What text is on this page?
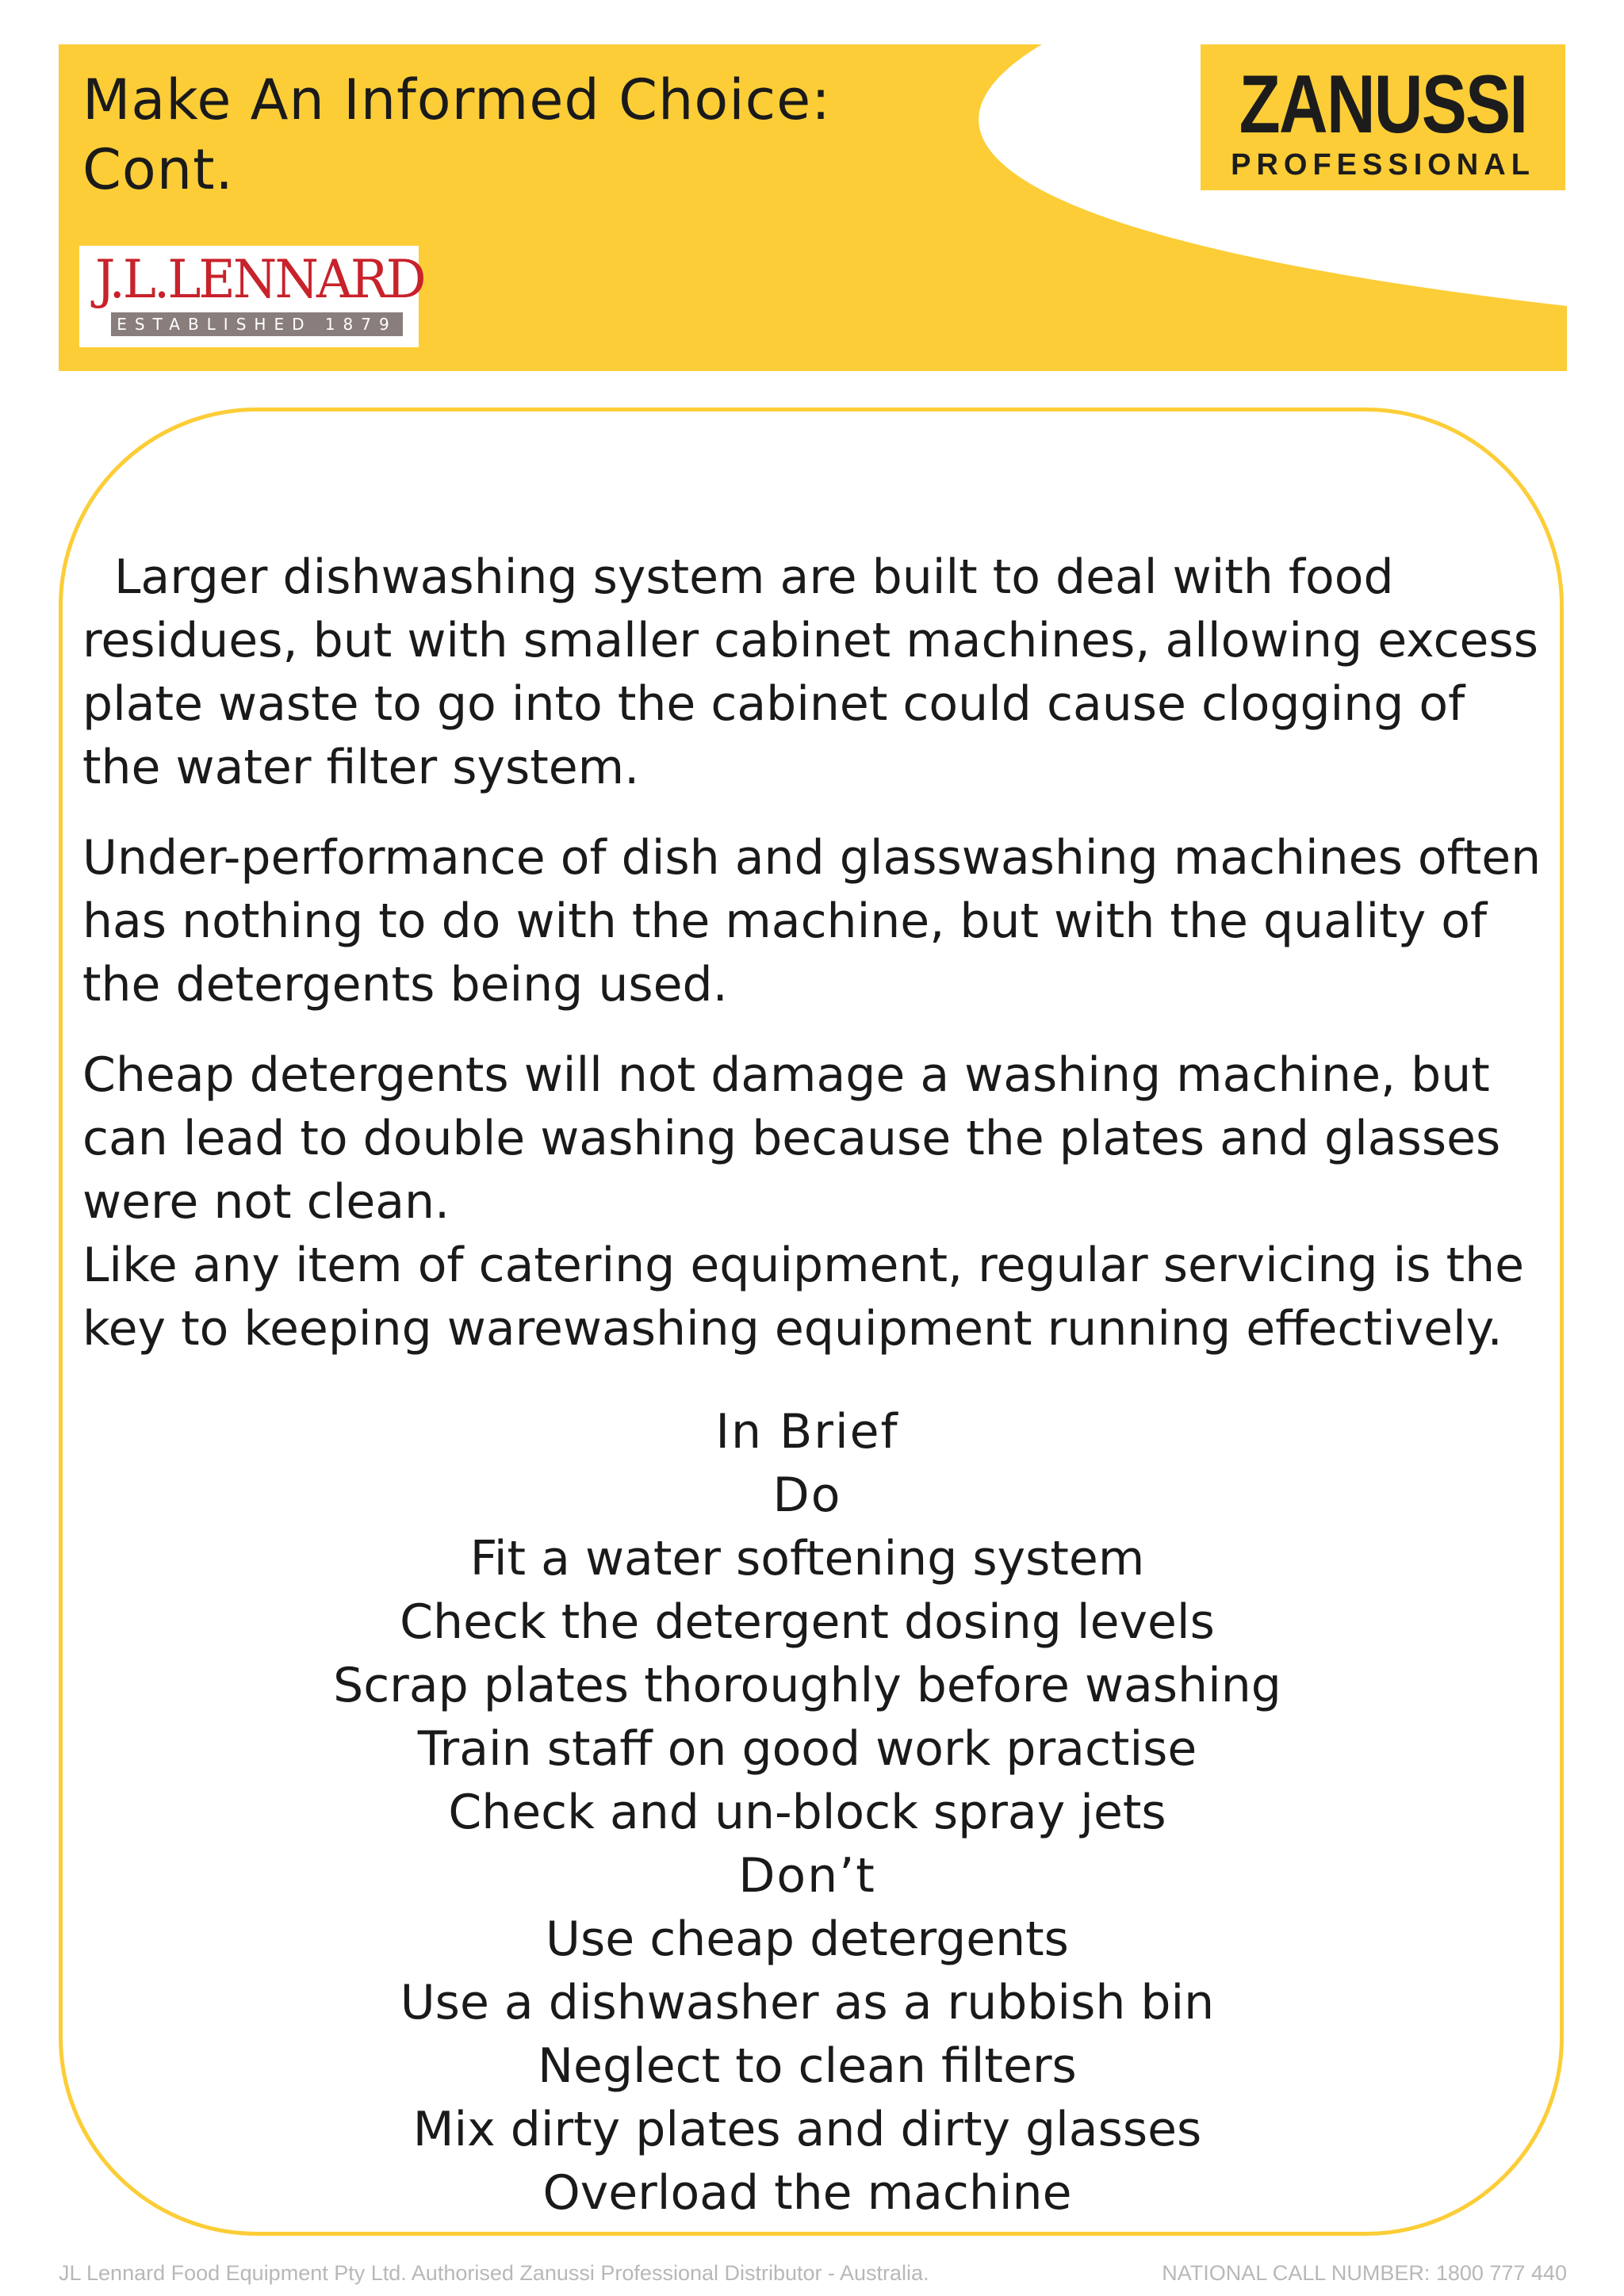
Make An Informed Choice:
Cont.
ZANUSSI
PROFESSIONAL
J.L.LENNARD
ESTABLISHED 1879

Larger dishwashing system are built to deal with food residues, but with smaller cabinet machines, allowing excess plate waste to go into the cabinet could cause clogging of the water filter system.

Under-performance of dish and glasswashing machines often has nothing to do with the machine, but with the quality of the detergents being used.

Cheap detergents will not damage a washing machine, but can lead to double washing because the plates and glasses were not clean.

Like any item of catering equipment, regular servicing is the key to keeping warewashing equipment running effectively.

In Brief
Do
Fit a water softening system
Check the detergent dosing levels
Scrap plates thoroughly before washing
Train staff on good work practise
Check and un-block spray jets
Don’t
Use cheap detergents
Use a dishwasher as a rubbish bin
Neglect to clean filters
Mix dirty plates and dirty glasses
Overload the machine
JL Lennard Food Equipment Pty Ltd. Authorised Zanussi Professional Distributor - Australia.	NATIONAL CALL NUMBER: 1800 777 440
